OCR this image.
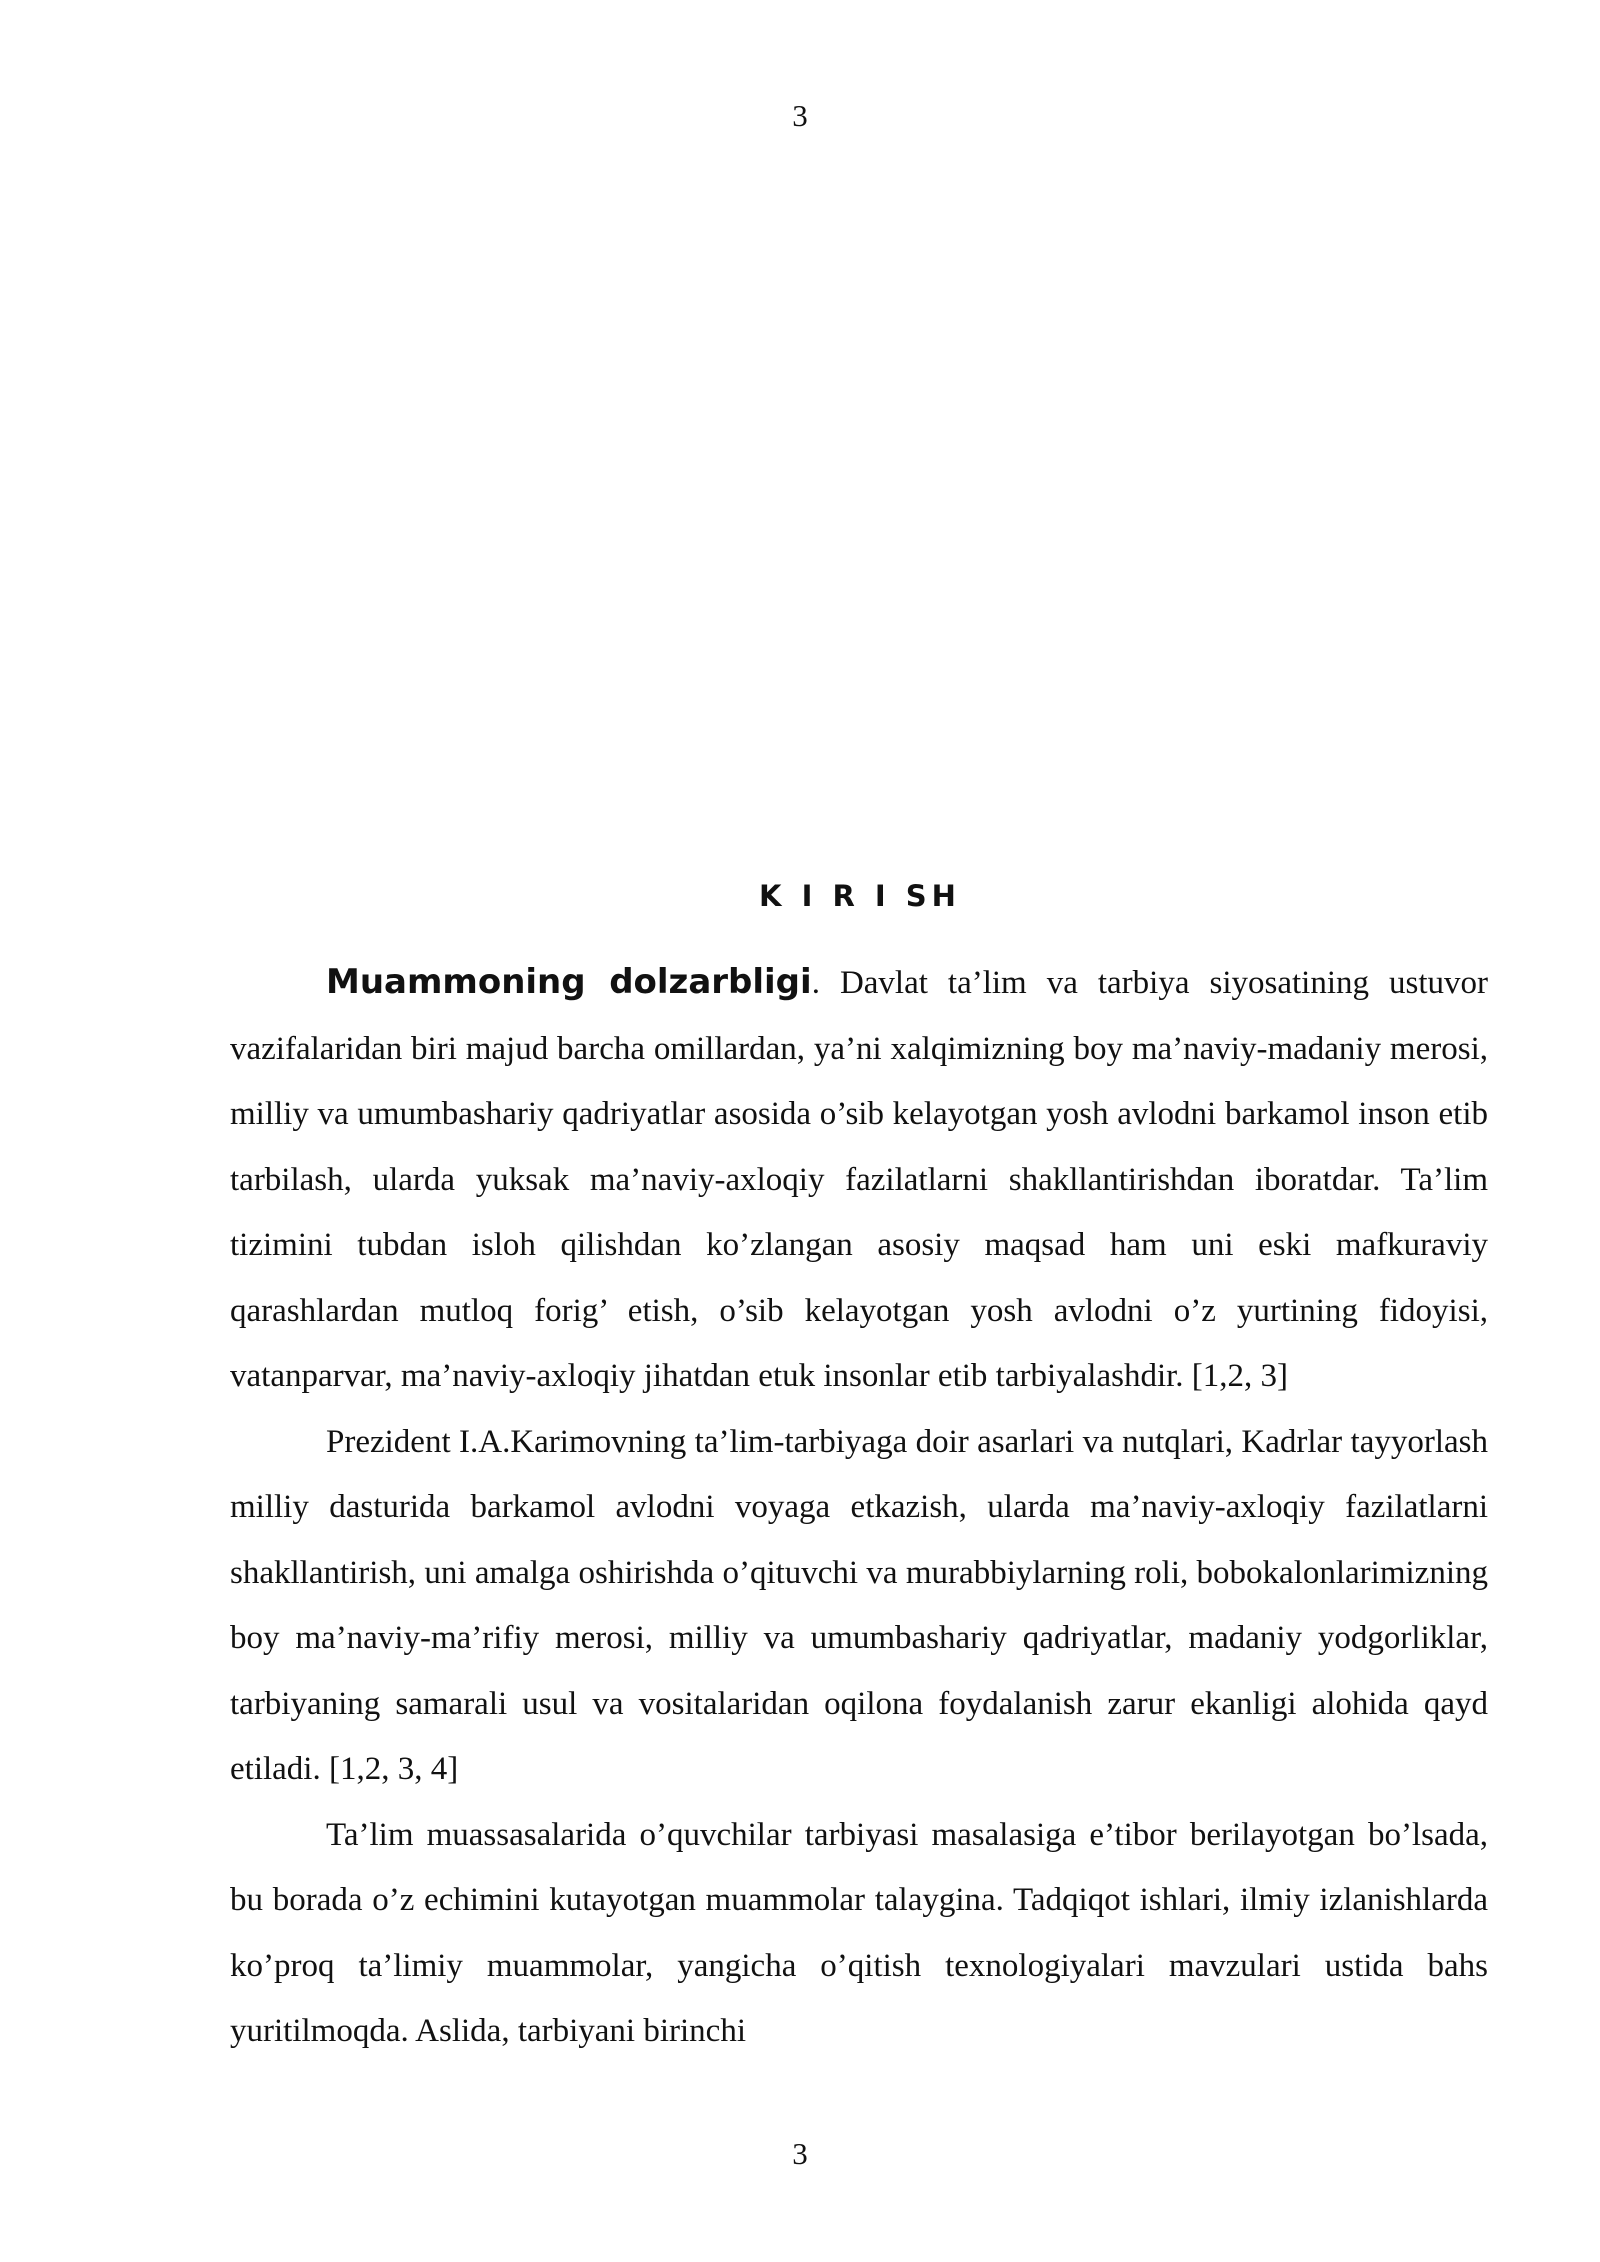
3
K I R I SH

Muammoning dolzarbligi. Davlat ta’lim va tarbiya siyosatining ustuvor vazifalaridan biri majud barcha omillardan, ya’ni xalqimizning boy ma’naviy-madaniy merosi, milliy va umumbashariy qadriyatlar asosida o’sib kelayotgan yosh avlodni barkamol inson etib tarbilash, ularda yuksak ma’naviy-axloqiy fazilatlarni shakllantirishdan iboratdar. Ta’lim tizimini tubdan isloh qilishdan ko’zlangan asosiy maqsad ham uni eski mafkuraviy qarashlardan mutloq forig’ etish, o’sib kelayotgan yosh avlodni o’z yurtining fidoyisi, vatanparvar, ma’naviy-axloqiy jihatdan etuk insonlar etib tarbiyalashdir. [1,2, 3]

Prezident I.A.Karimovning ta’lim-tarbiyaga doir asarlari va nutqlari, Kadrlar tayyorlash milliy dasturida barkamol avlodni voyaga etkazish, ularda ma’naviy-axloqiy fazilatlarni shakllantirish, uni amalga oshirishda o’qituvchi va murabbiylarning roli, bobokalonlarimizning boy ma’naviy-ma’rifiy merosi, milliy va umumbashariy qadriyatlar, madaniy yodgorliklar, tarbiyaning samarali usul va vositalaridan oqilona foydalanish zarur ekanligi alohida qayd etiladi. [1,2, 3, 4]

Ta’lim muassasalarida o’quvchilar tarbiyasi masalasiga e’tibor berilayotgan bo’lsada, bu borada o’z echimini kutayotgan muammolar talaygina. Tadqiqot ishlari, ilmiy izlanishlarda ko’proq ta’limiy muammolar, yangicha o’qitish texnologiyalari mavzulari ustida bahs yuritilmoqda. Aslida, tarbiyani birinchi

3
